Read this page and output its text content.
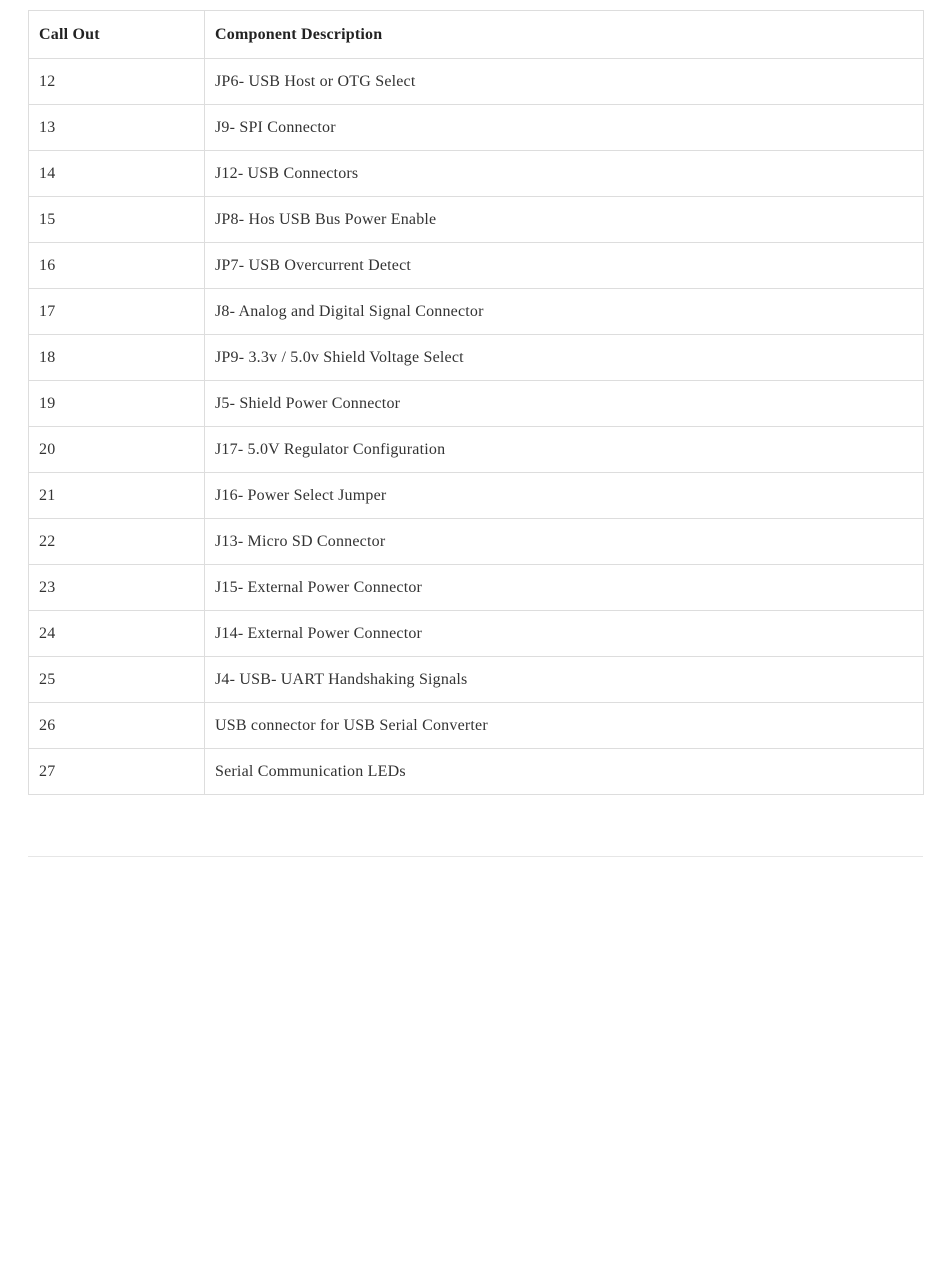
Call Out	Component Description
12	JP6- USB Host or OTG Select
13	J9- SPI Connector
14	J12- USB Connectors
15	JP8- Hos USB Bus Power Enable
16	JP7- USB Overcurrent Detect
17	J8- Analog and Digital Signal Connector
18	JP9- 3.3v / 5.0v Shield Voltage Select
19	J5- Shield Power Connector
20	J17- 5.0V Regulator Configuration
21	J16- Power Select Jumper
22	J13- Micro SD Connector
23	J15- External Power Connector
24	J14- External Power Connector
25	J4- USB- UART Handshaking Signals
26	USB connector for USB Serial Converter
27	Serial Communication LEDs
